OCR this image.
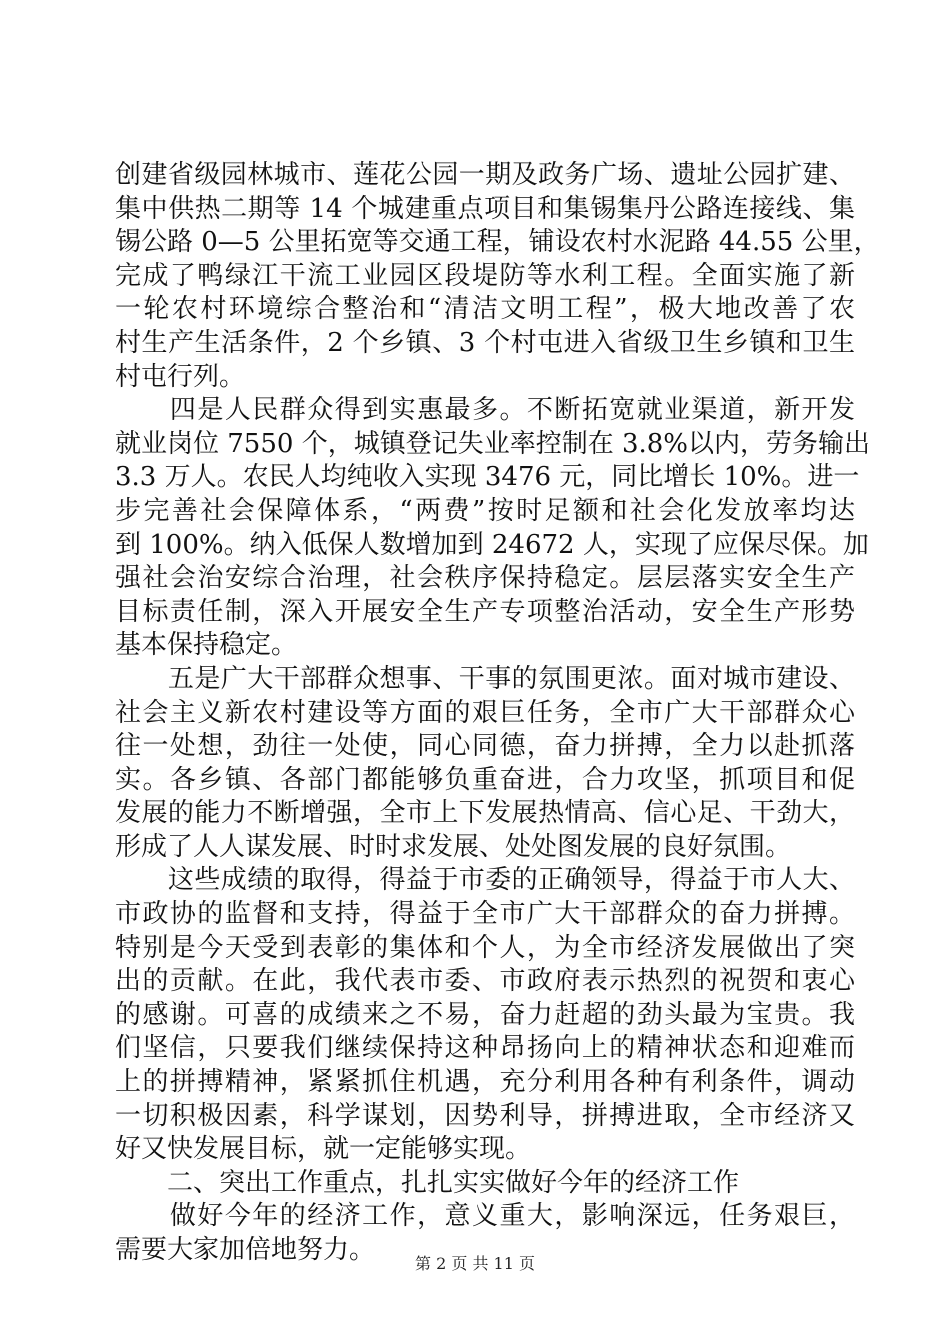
创建省级园林城市、莲花公园一期及政务广场、遗址公园扩建、
集中供热二期等 14 个城建重点项目和集锡集丹公路连接线、集
锡公路 0—5 公里拓宽等交通工程，铺设农村水泥路 44.55 公里，
完成了鸭绿江干流工业园区段堤防等水利工程。全面实施了新
一轮农村环境综合整治和“清洁文明工程”，极大地改善了农
村生产生活条件，2 个乡镇、3 个村屯进入省级卫生乡镇和卫生
村屯行列。
　　四是人民群众得到实惠最多。不断拓宽就业渠道，新开发
就业岗位 7550 个，城镇登记失业率控制在 3.8%以内，劳务输出
3.3 万人。农民人均纯收入实现 3476 元，同比增长 10%。进一
步完善社会保障体系，“两费”按时足额和社会化发放率均达
到 100%。纳入低保人数增加到 24672 人，实现了应保尽保。加
强社会治安综合治理，社会秩序保持稳定。层层落实安全生产
目标责任制，深入开展安全生产专项整治活动，安全生产形势
基本保持稳定。
　　五是广大干部群众想事、干事的氛围更浓。面对城市建设、
社会主义新农村建设等方面的艰巨任务，全市广大干部群众心
往一处想，劲往一处使，同心同德，奋力拼搏，全力以赴抓落
实。各乡镇、各部门都能够负重奋进，合力攻坚，抓项目和促
发展的能力不断增强，全市上下发展热情高、信心足、干劲大，
形成了人人谋发展、时时求发展、处处图发展的良好氛围。
　　这些成绩的取得，得益于市委的正确领导，得益于市人大、
市政协的监督和支持，得益于全市广大干部群众的奋力拼搏。
特别是今天受到表彰的集体和个人，为全市经济发展做出了突
出的贡献。在此，我代表市委、市政府表示热烈的祝贺和衷心
的感谢。可喜的成绩来之不易，奋力赶超的劲头最为宝贵。我
们坚信，只要我们继续保持这种昂扬向上的精神状态和迎难而
上的拼搏精神，紧紧抓住机遇，充分利用各种有利条件，调动
一切积极因素，科学谋划，因势利导，拼搏进取，全市经济又
好又快发展目标，就一定能够实现。
　　二、突出工作重点，扎扎实实做好今年的经济工作
　　做好今年的经济工作，意义重大，影响深远，任务艰巨，
需要大家加倍地努力。	第 2 页 共 11 页
